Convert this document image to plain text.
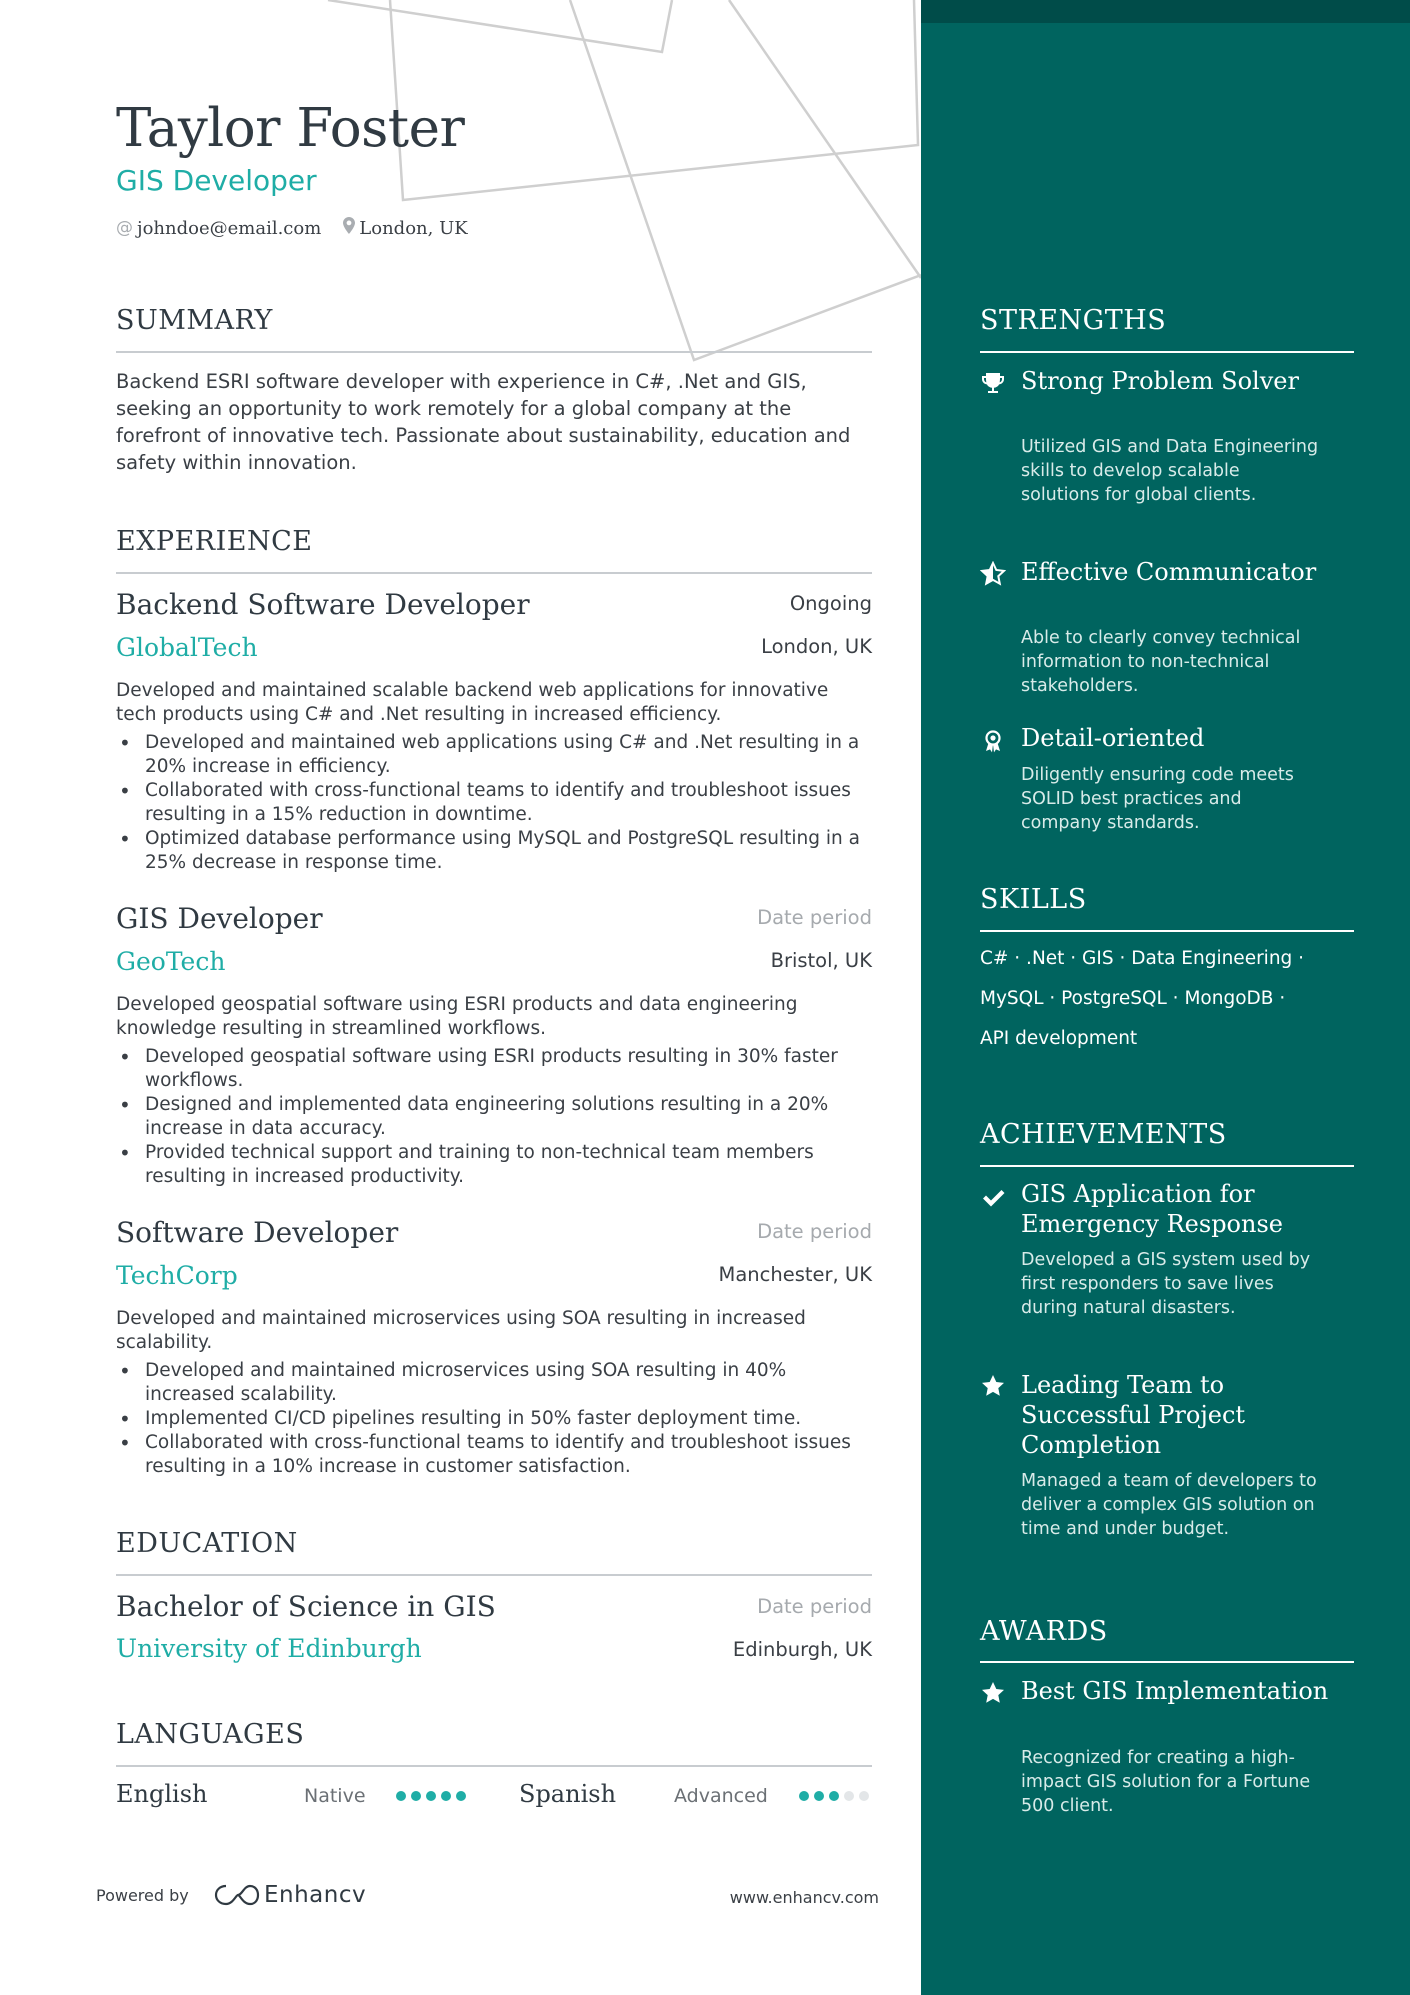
Taylor Foster
GIS Developer
@ johndoe@email.com London, UK
SUMMARY
Backend ESRI software developer with experience in C#, .Net and GIS, seeking an opportunity to work remotely for a global company at the forefront of innovative tech. Passionate about sustainability, education and safety within innovation.
EXPERIENCE
Backend Software Developer	Ongoing
GlobalTech	London, UK
Developed and maintained scalable backend web applications for innovative tech products using C# and .Net resulting in increased efficiency.
• Developed and maintained web applications using C# and .Net resulting in a 20% increase in efficiency.
• Collaborated with cross-functional teams to identify and troubleshoot issues resulting in a 15% reduction in downtime.
• Optimized database performance using MySQL and PostgreSQL resulting in a 25% decrease in response time.
GIS Developer	Date period
GeoTech	Bristol, UK
Developed geospatial software using ESRI products and data engineering knowledge resulting in streamlined workflows.
• Developed geospatial software using ESRI products resulting in 30% faster workflows.
• Designed and implemented data engineering solutions resulting in a 20% increase in data accuracy.
• Provided technical support and training to non-technical team members resulting in increased productivity.
Software Developer	Date period
TechCorp	Manchester, UK
Developed and maintained microservices using SOA resulting in increased scalability.
• Developed and maintained microservices using SOA resulting in 40% increased scalability.
• Implemented CI/CD pipelines resulting in 50% faster deployment time.
• Collaborated with cross-functional teams to identify and troubleshoot issues resulting in a 10% increase in customer satisfaction.
EDUCATION
Bachelor of Science in GIS	Date period
University of Edinburgh	Edinburgh, UK
LANGUAGES
English	Native	Spanish	Advanced
Powered by	Enhancv	www.enhancv.com
STRENGTHS
Strong Problem Solver
Utilized GIS and Data Engineering skills to develop scalable solutions for global clients.
Effective Communicator
Able to clearly convey technical information to non-technical stakeholders.
Detail-oriented
Diligently ensuring code meets SOLID best practices and company standards.
SKILLS
C# · .Net · GIS · Data Engineering ·
MySQL · PostgreSQL · MongoDB ·
API development
ACHIEVEMENTS
GIS Application for Emergency Response
Developed a GIS system used by first responders to save lives during natural disasters.
Leading Team to Successful Project Completion
Managed a team of developers to deliver a complex GIS solution on time and under budget.
AWARDS
Best GIS Implementation
Recognized for creating a high-impact GIS solution for a Fortune 500 client.
